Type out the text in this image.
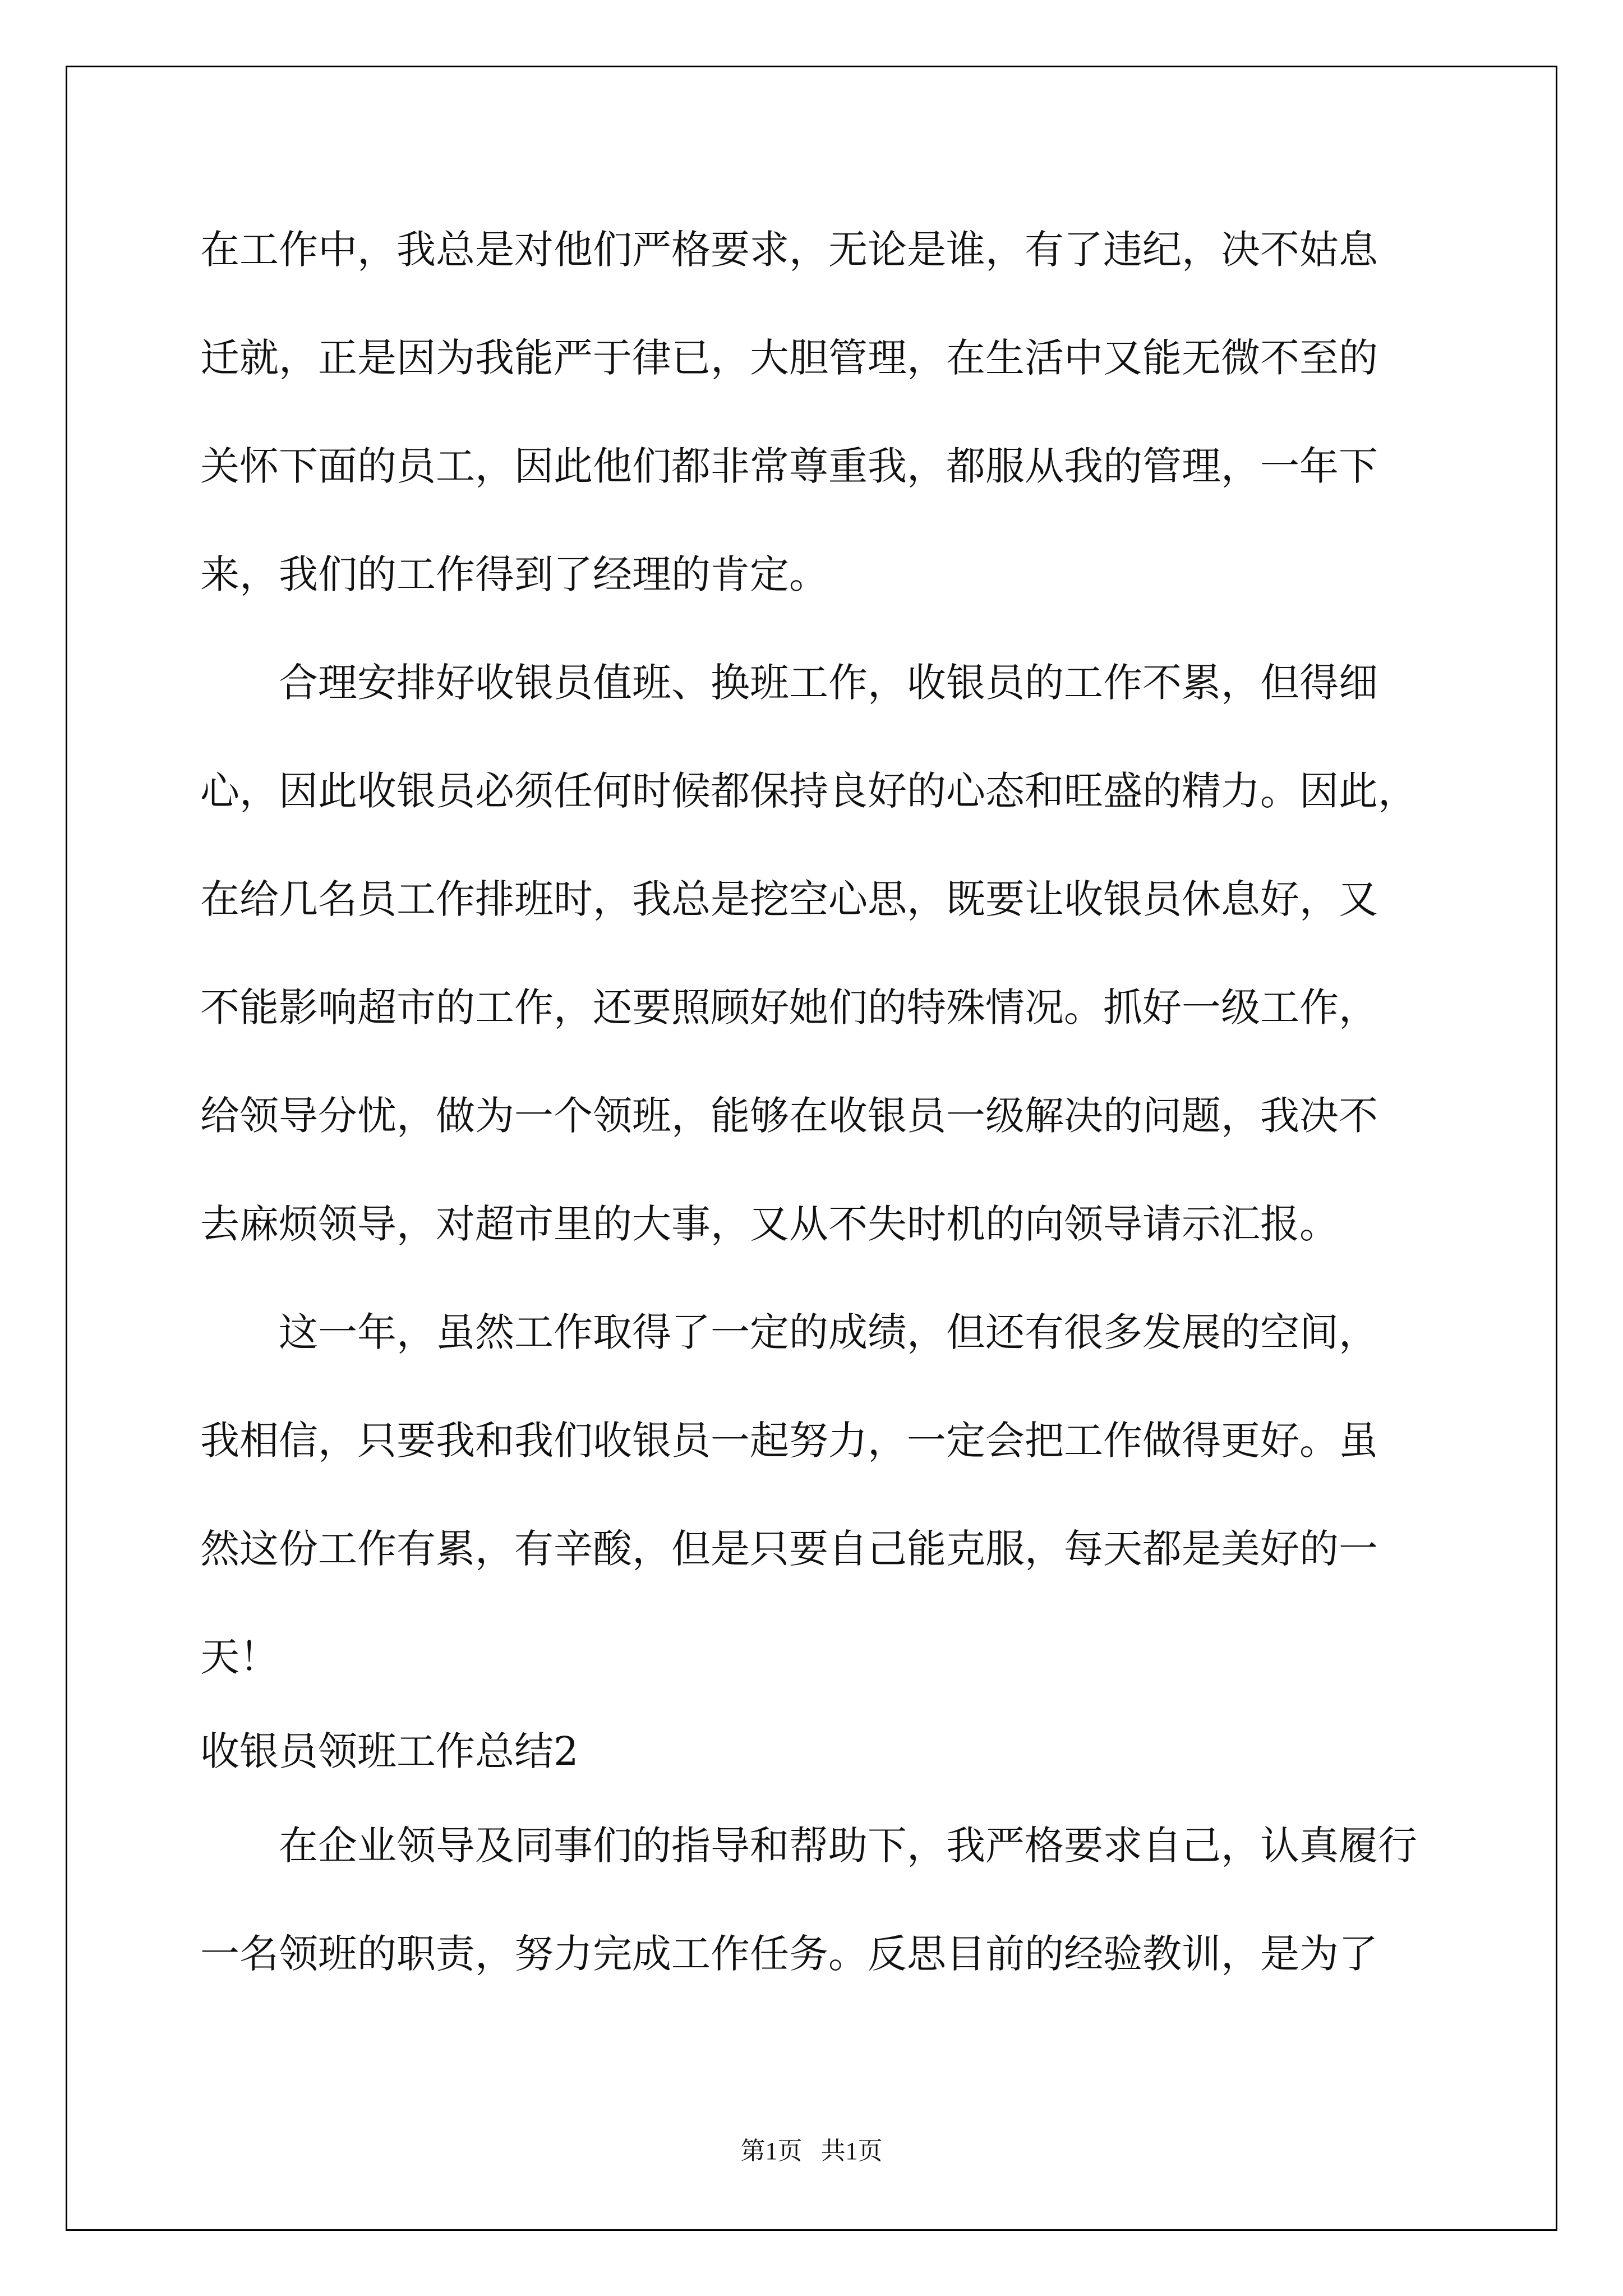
在工作中，我总是对他们严格要求，无论是谁，有了违纪，决不姑息
迁就，正是因为我能严于律已，大胆管理，在生活中又能无微不至的
关怀下面的员工，因此他们都非常尊重我，都服从我的管理，一年下
来，我们的工作得到了经理的肯定。
　　合理安排好收银员值班、换班工作，收银员的工作不累，但得细
心，因此收银员必须任何时候都保持良好的心态和旺盛的精力。因此，
在给几名员工作排班时，我总是挖空心思，既要让收银员休息好，又
不能影响超市的工作，还要照顾好她们的特殊情况。抓好一级工作，
给领导分忧，做为一个领班，能够在收银员一级解决的问题，我决不
去麻烦领导，对超市里的大事，又从不失时机的向领导请示汇报。
　　这一年，虽然工作取得了一定的成绩，但还有很多发展的空间，
我相信，只要我和我们收银员一起努力，一定会把工作做得更好。虽
然这份工作有累，有辛酸，但是只要自己能克服，每天都是美好的一
天！
收银员领班工作总结2
　　在企业领导及同事们的指导和帮助下，我严格要求自己，认真履行
一名领班的职责，努力完成工作任务。反思目前的经验教训，是为了
第1页   共1页
